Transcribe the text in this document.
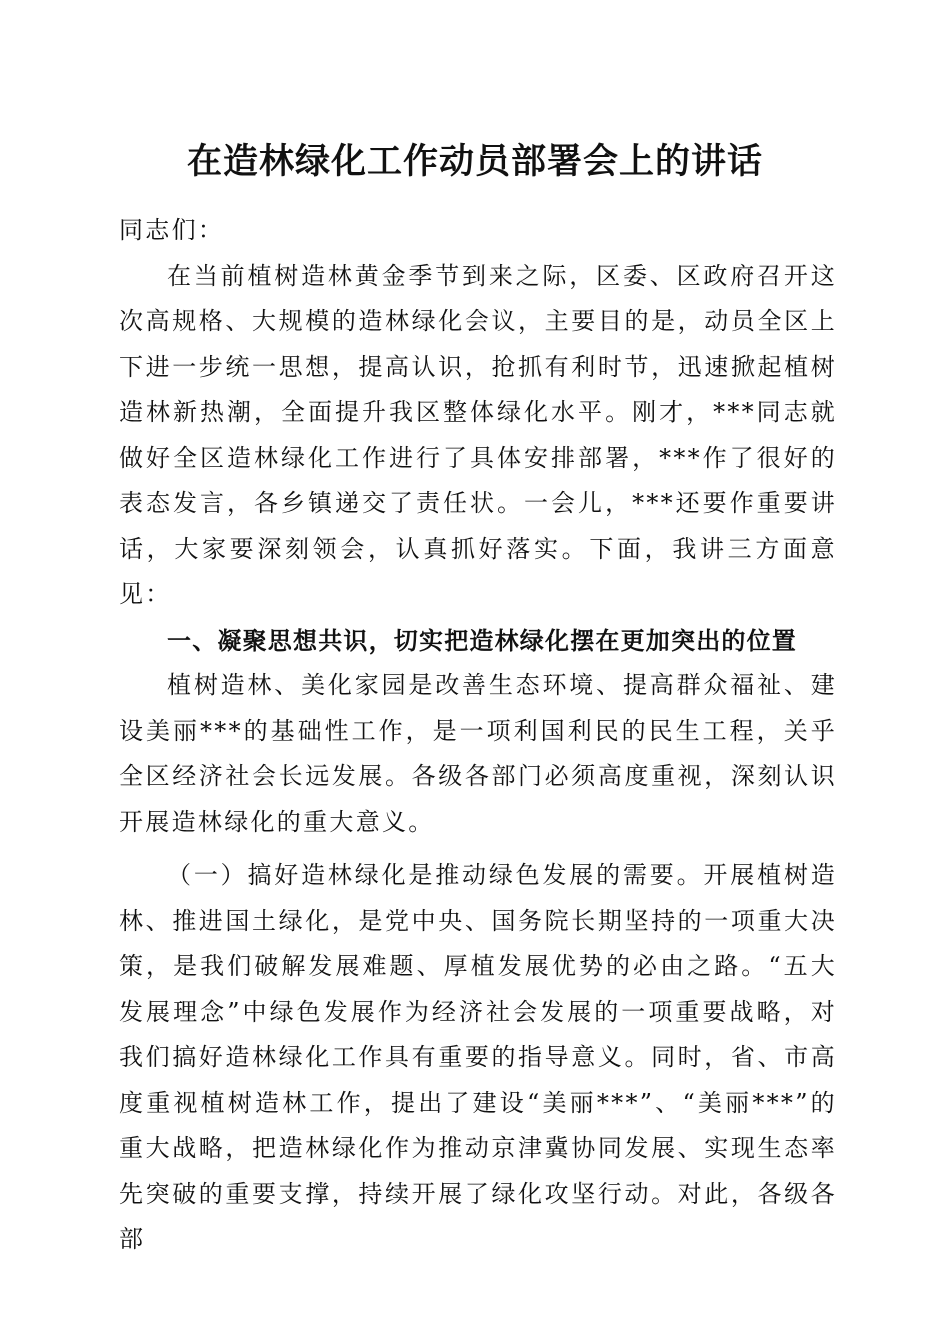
在造林绿化工作动员部署会上的讲话

同志们：

在当前植树造林黄金季节到来之际，区委、区政府召开这次高规格、大规模的造林绿化会议，主要目的是，动员全区上下进一步统一思想，提高认识，抢抓有利时节，迅速掀起植树造林新热潮，全面提升我区整体绿化水平。刚才，***同志就做好全区造林绿化工作进行了具体安排部署，***作了很好的表态发言，各乡镇递交了责任状。一会儿，***还要作重要讲话，大家要深刻领会，认真抓好落实。下面，我讲三方面意见：

一、凝聚思想共识，切实把造林绿化摆在更加突出的位置

植树造林、美化家园是改善生态环境、提高群众福祉、建设美丽***的基础性工作，是一项利国利民的民生工程，关乎全区经济社会长远发展。各级各部门必须高度重视，深刻认识开展造林绿化的重大意义。

（一）搞好造林绿化是推动绿色发展的需要。开展植树造林、推进国土绿化，是党中央、国务院长期坚持的一项重大决策，是我们破解发展难题、厚植发展优势的必由之路。“五大发展理念”中绿色发展作为经济社会发展的一项重要战略，对我们搞好造林绿化工作具有重要的指导意义。同时，省、市高度重视植树造林工作，提出了建设“美丽***”、“美丽***”的重大战略，把造林绿化作为推动京津冀协同发展、实现生态率先突破的重要支撑，持续开展了绿化攻坚行动。对此，各级各部
